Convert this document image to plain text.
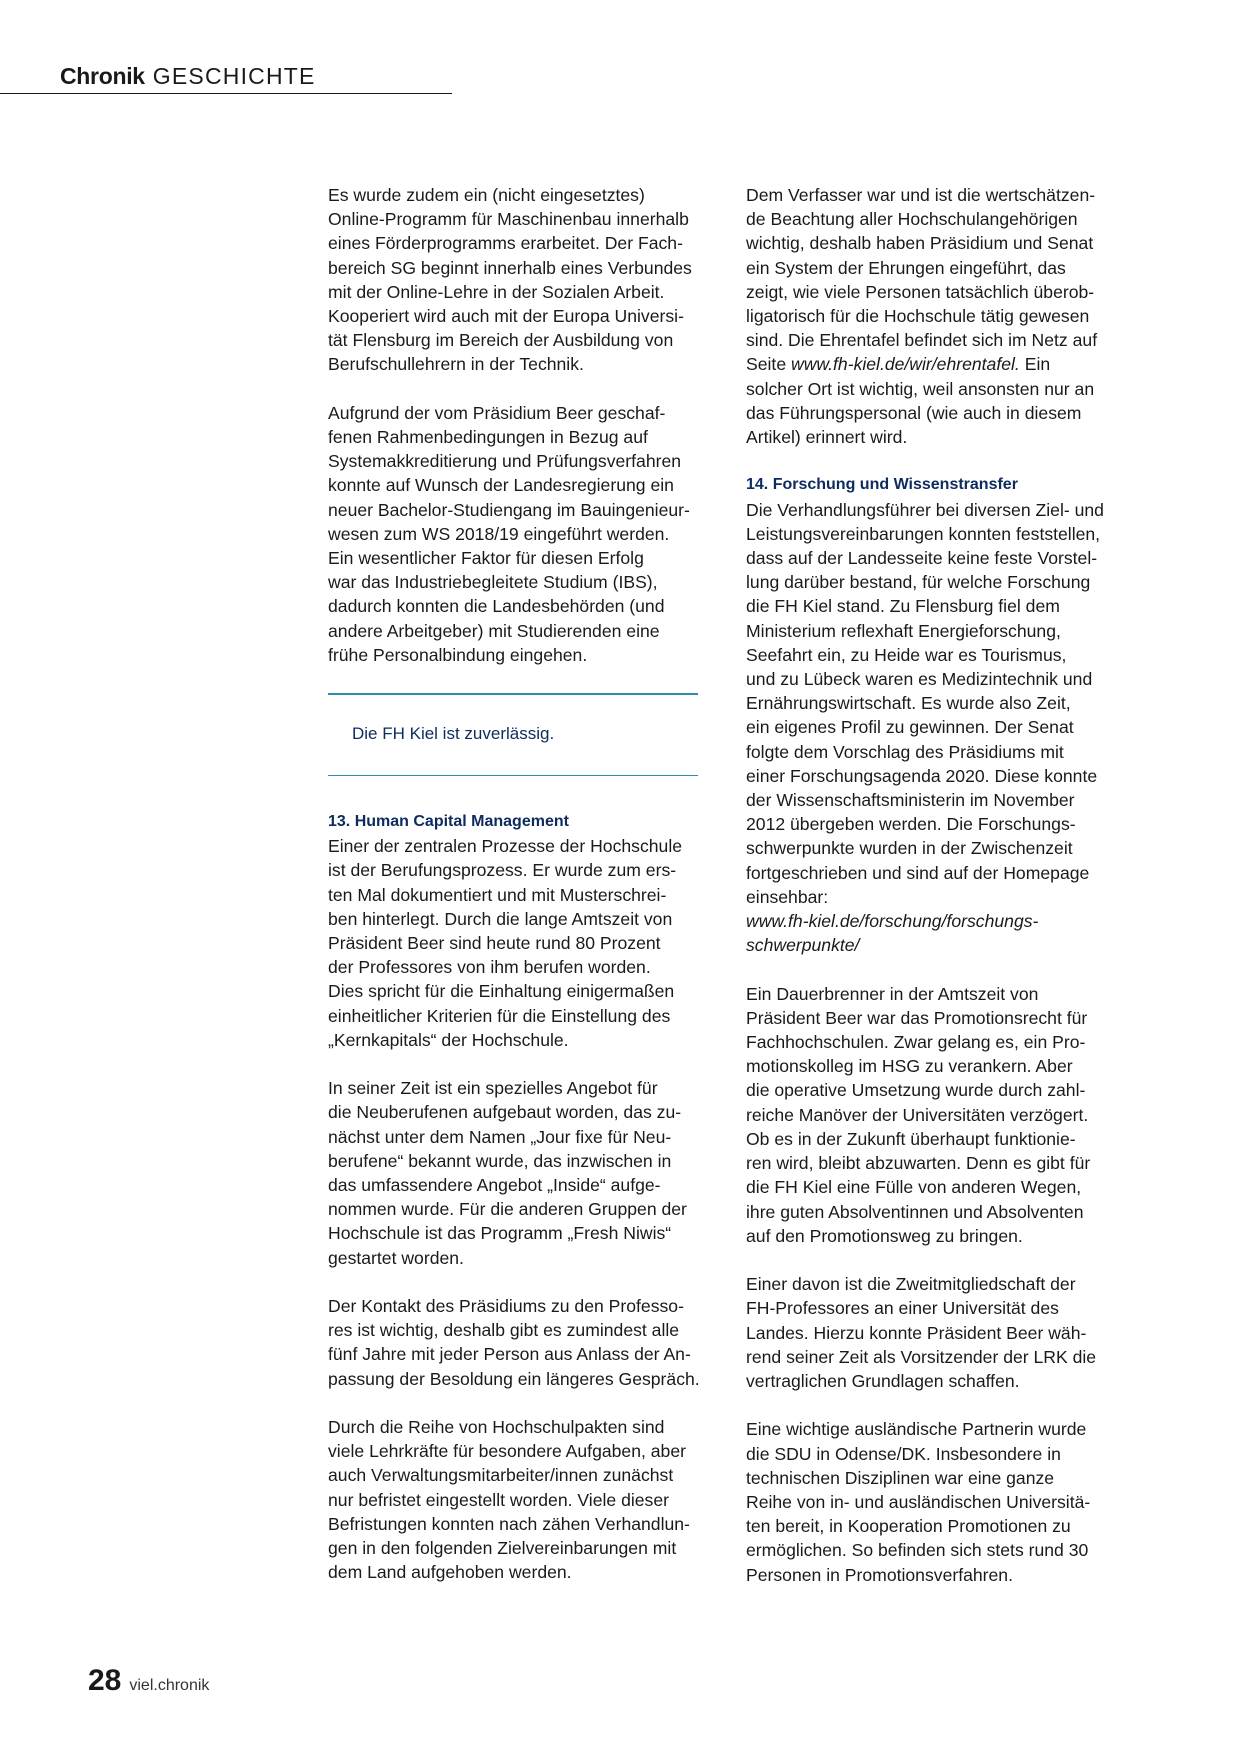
Chronik GESCHICHTE

Es wurde zudem ein (nicht eingesetztes)
Online-Programm für Maschinenbau innerhalb
eines Förderprogramms erarbeitet. Der Fach-
bereich SG beginnt innerhalb eines Verbundes
mit der Online-Lehre in der Sozialen Arbeit.
Kooperiert wird auch mit der Europa Universi-
tät Flensburg im Bereich der Ausbildung von
Berufschullehrern in der Technik.

Aufgrund der vom Präsidium Beer geschaf-
fenen Rahmenbedingungen in Bezug auf
Systemakkreditierung und Prüfungsverfahren
konnte auf Wunsch der Landesregierung ein
neuer Bachelor-Studiengang im Bauingenieur-
wesen zum WS 2018/19 eingeführt werden.
Ein wesentlicher Faktor für diesen Erfolg
war das Industriebegleitete Studium (IBS),
dadurch konnten die Landesbehörden (und
andere Arbeitgeber) mit Studierenden eine
frühe Personalbindung eingehen.

Die FH Kiel ist zuverlässig.
13. Human Capital Management

Einer der zentralen Prozesse der Hochschule
ist der Berufungsprozess. Er wurde zum ers-
ten Mal dokumentiert und mit Musterschrei-
ben hinterlegt. Durch die lange Amtszeit von
Präsident Beer sind heute rund 80 Prozent
der Professores von ihm berufen worden.
Dies spricht für die Einhaltung einigermaßen
einheitlicher Kriterien für die Einstellung des
„Kernkapitals“ der Hochschule.

In seiner Zeit ist ein spezielles Angebot für
die Neuberufenen aufgebaut worden, das zu-
nächst unter dem Namen „Jour fixe für Neu-
berufene“ bekannt wurde, das inzwischen in
das umfassendere Angebot „Inside“ aufge-
nommen wurde. Für die anderen Gruppen der
Hochschule ist das Programm „Fresh Niwis“
gestartet worden.

Der Kontakt des Präsidiums zu den Professo-
res ist wichtig, deshalb gibt es zumindest alle
fünf Jahre mit jeder Person aus Anlass der An-
passung der Besoldung ein längeres Gespräch.

Durch die Reihe von Hochschulpakten sind
viele Lehrkräfte für besondere Aufgaben, aber
auch Verwaltungsmitarbeiter/innen zunächst
nur befristet eingestellt worden. Viele dieser
Befristungen konnten nach zähen Verhandlun-
gen in den folgenden Zielvereinbarungen mit
dem Land aufgehoben werden.

Dem Verfasser war und ist die wertschätzen-
de Beachtung aller Hochschulangehörigen
wichtig, deshalb haben Präsidium und Senat
ein System der Ehrungen eingeführt, das
zeigt, wie viele Personen tatsächlich überob-
ligatorisch für die Hochschule tätig gewesen
sind. Die Ehrentafel befindet sich im Netz auf
Seite www.fh-kiel.de/wir/ehrentafel. Ein
solcher Ort ist wichtig, weil ansonsten nur an
das Führungspersonal (wie auch in diesem
Artikel) erinnert wird.

14. Forschung und Wissenstransfer

Die Verhandlungsführer bei diversen Ziel- und
Leistungsvereinbarungen konnten feststellen,
dass auf der Landesseite keine feste Vorstel-
lung darüber bestand, für welche Forschung
die FH Kiel stand. Zu Flensburg fiel dem
Ministerium reflexhaft Energieforschung,
Seefahrt ein, zu Heide war es Tourismus,
und zu Lübeck waren es Medizintechnik und
Ernährungswirtschaft. Es wurde also Zeit,
ein eigenes Profil zu gewinnen. Der Senat
folgte dem Vorschlag des Präsidiums mit
einer Forschungsagenda 2020. Diese konnte
der Wissenschaftsministerin im November
2012 übergeben werden. Die Forschungs-
schwerpunkte wurden in der Zwischenzeit
fortgeschrieben und sind auf der Homepage
einsehbar:

www.fh-kiel.de/forschung/forschungs-
schwerpunkte/

Ein Dauerbrenner in der Amtszeit von
Präsident Beer war das Promotionsrecht für
Fachhochschulen. Zwar gelang es, ein Pro-
motionskolleg im HSG zu verankern. Aber
die operative Umsetzung wurde durch zahl-
reiche Manöver der Universitäten verzögert.
Ob es in der Zukunft überhaupt funktionie-
ren wird, bleibt abzuwarten. Denn es gibt für
die FH Kiel eine Fülle von anderen Wegen,
ihre guten Absolventinnen und Absolventen
auf den Promotionsweg zu bringen.

Einer davon ist die Zweitmitgliedschaft der
FH-Professores an einer Universität des
Landes. Hierzu konnte Präsident Beer wäh-
rend seiner Zeit als Vorsitzender der LRK die
vertraglichen Grundlagen schaffen.

Eine wichtige ausländische Partnerin wurde
die SDU in Odense/DK. Insbesondere in
technischen Disziplinen war eine ganze
Reihe von in- und ausländischen Universitä-
ten bereit, in Kooperation Promotionen zu
ermöglichen. So befinden sich stets rund 30
Personen in Promotionsverfahren.

28 viel.chronik
